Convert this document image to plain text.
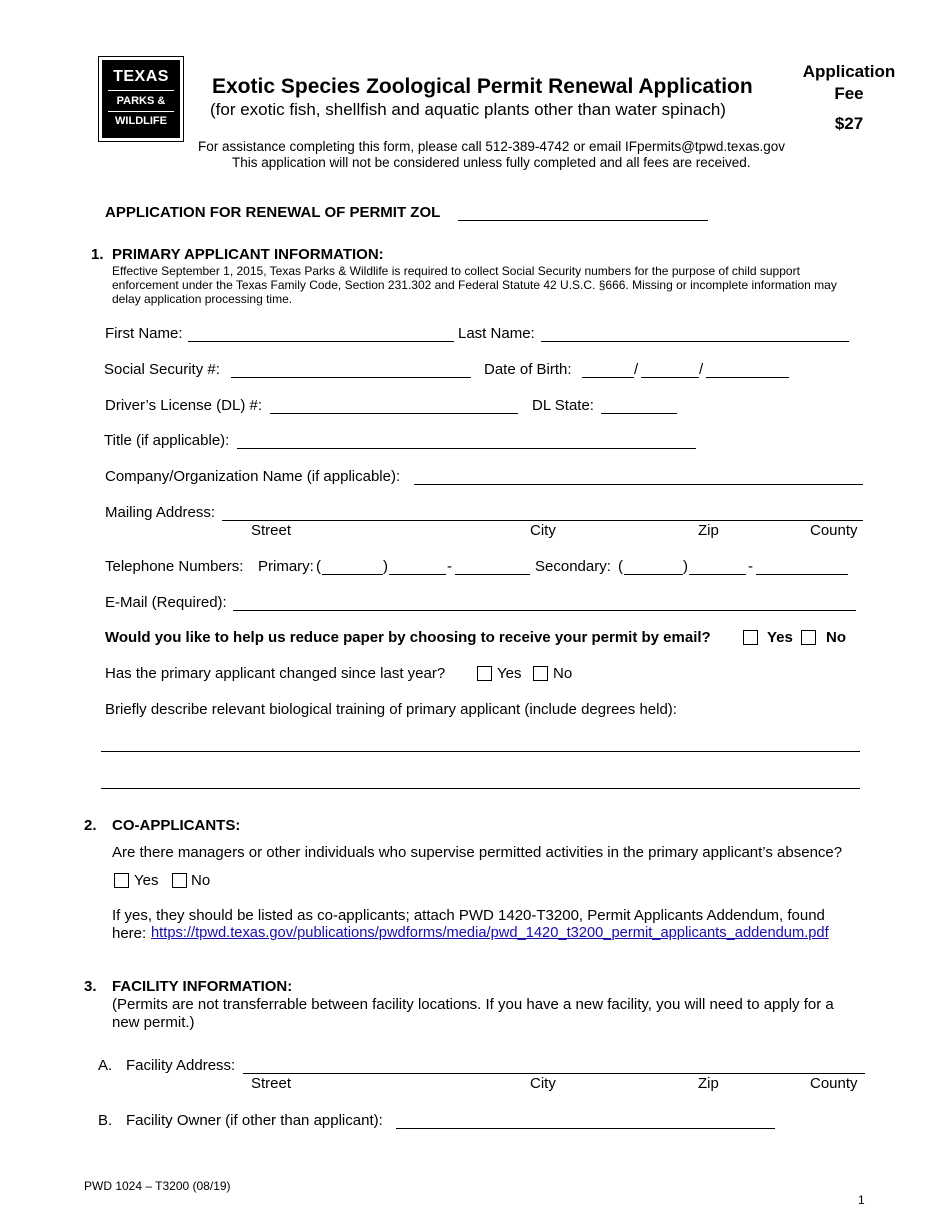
TEXAS
PARKS &
WILDLIFE
Exotic Species Zoological Permit Renewal Application
(for exotic fish, shellfish and aquatic plants other than water spinach)
Application
Fee
$27
For assistance completing this form, please call 512-389-4742 or email IFpermits@tpwd.texas.gov
This application will not be considered unless fully completed and all fees are received.
APPLICATION FOR RENEWAL OF PERMIT ZOL
1. PRIMARY APPLICANT INFORMATION:
Effective September 1, 2015, Texas Parks & Wildlife is required to collect Social Security numbers for the purpose of child support
enforcement under the Texas Family Code, Section 231.302 and Federal Statute 42 U.S.C. §666. Missing or incomplete information may
delay application processing time.
First Name:	Last Name:
Social Security #:	Date of Birth:	/	/
Driver’s License (DL) #:	DL State:
Title (if applicable):
Company/Organization Name (if applicable):
Mailing Address:
Street	City	Zip	County
Telephone Numbers: Primary: (	)	-	Secondary: (	)	-
E-Mail (Required):
Would you like to help us reduce paper by choosing to receive your permit by email?	Yes No
Has the primary applicant changed since last year?	Yes No
Briefly describe relevant biological training of primary applicant (include degrees held):
2. CO-APPLICANTS:
Are there managers or other individuals who supervise permitted activities in the primary applicant’s absence?
Yes No
If yes, they should be listed as co-applicants; attach PWD 1420-T3200, Permit Applicants Addendum, found
here: https://tpwd.texas.gov/publications/pwdforms/media/pwd_1420_t3200_permit_applicants_addendum.pdf
3. FACILITY INFORMATION:
(Permits are not transferrable between facility locations. If you have a new facility, you will need to apply for a
new permit.)
A. Facility Address:
Street	City	Zip	County
B. Facility Owner (if other than applicant):
PWD 1024 – T3200 (08/19)
1
